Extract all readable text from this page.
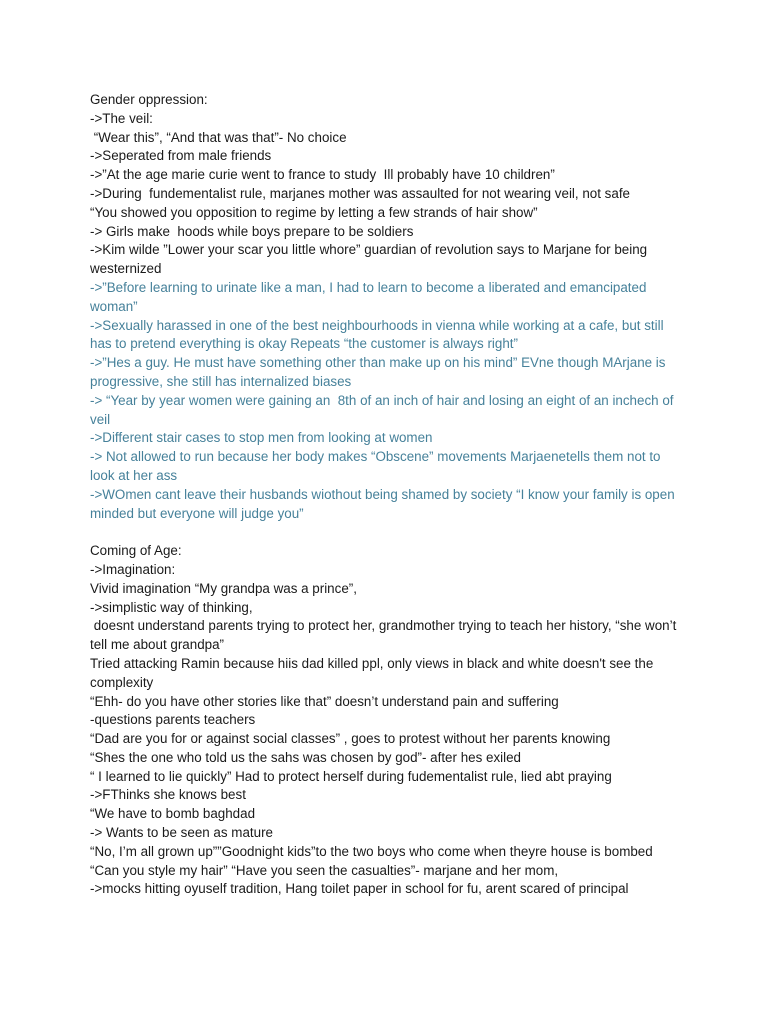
Gender oppression:

->The veil:

“Wear this”, “And that was that”- No choice

->Seperated from male friends

->”At the age marie curie went to france to study  Ill probably have 10 children”

->During  fundementalist rule, marjanes mother was assaulted for not wearing veil, not safe

“You showed you opposition to regime by letting a few strands of hair show”

-> Girls make  hoods while boys prepare to be soldiers

->Kim wilde ”Lower your scar you little whore” guardian of revolution says to Marjane for being westernized

->”Before learning to urinate like a man, I had to learn to become a liberated and emancipated woman”

->Sexually harassed in one of the best neighbourhoods in vienna while working at a cafe, but still has to pretend everything is okay Repeats “the customer is always right”

->”Hes a guy. He must have something other than make up on his mind” EVne though MArjane is progressive, she still has internalized biases

-> “Year by year women were gaining an  8th of an inch of hair and losing an eight of an inchech of veil

->Different stair cases to stop men from looking at women

-> Not allowed to run because her body makes “Obscene” movements Marjaenetells them not to look at her ass

->WOmen cant leave their husbands wiothout being shamed by society “I know your family is open minded but everyone will judge you”

Coming of Age:

->Imagination:

Vivid imagination “My grandpa was a prince”,

->simplistic way of thinking,

doesnt understand parents trying to protect her, grandmother trying to teach her history, “she won’t tell me about grandpa”

Tried attacking Ramin because hiis dad killed ppl, only views in black and white doesn't see the complexity

“Ehh- do you have other stories like that” doesn’t understand pain and suffering

-questions parents teachers

“Dad are you for or against social classes” , goes to protest without her parents knowing

“Shes the one who told us the sahs was chosen by god”- after hes exiled

“ I learned to lie quickly” Had to protect herself during fudementalist rule, lied abt praying

->FThinks she knows best

“We have to bomb baghdad

-> Wants to be seen as mature

“No, I’m all grown up””Goodnight kids”to the two boys who come when theyre house is bombed

“Can you style my hair” “Have you seen the casualties”- marjane and her mom,

->mocks hitting oyuself tradition, Hang toilet paper in school for fu, arent scared of principal
